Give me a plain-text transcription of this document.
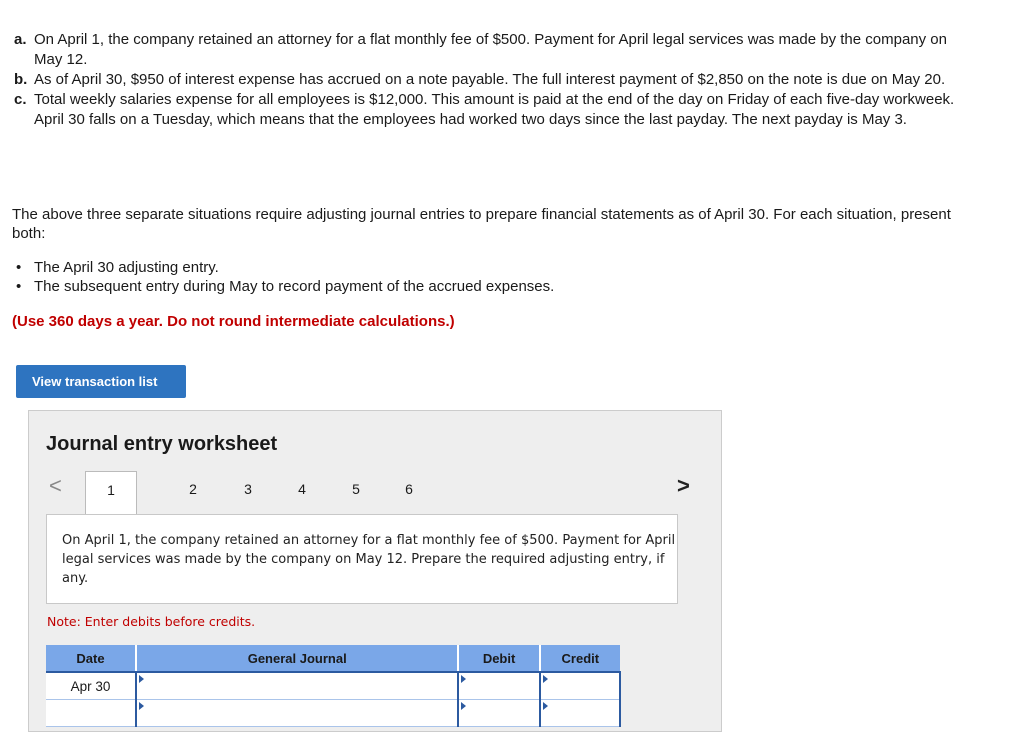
a. On April 1, the company retained an attorney for a flat monthly fee of $500. Payment for April legal services was made by the company on May 12.
b. As of April 30, $950 of interest expense has accrued on a note payable. The full interest payment of $2,850 on the note is due on May 20.
c. Total weekly salaries expense for all employees is $12,000. This amount is paid at the end of the day on Friday of each five-day workweek. April 30 falls on a Tuesday, which means that the employees had worked two days since the last payday. The next payday is May 3.

The above three separate situations require adjusting journal entries to prepare financial statements as of April 30. For each situation, present both:

• The April 30 adjusting entry.
• The subsequent entry during May to record payment of the accrued expenses.

(Use 360 days a year. Do not round intermediate calculations.)

View transaction list
Journal entry worksheet
<	1	2	3	4	5	6	>
On April 1, the company retained an attorney for a flat monthly fee of $500. Payment for April legal services was made by the company on May 12. Prepare the required adjusting entry, if any.

Note: Enter debits before credits.

Date	General Journal	Debit	Credit
Apr 30	
